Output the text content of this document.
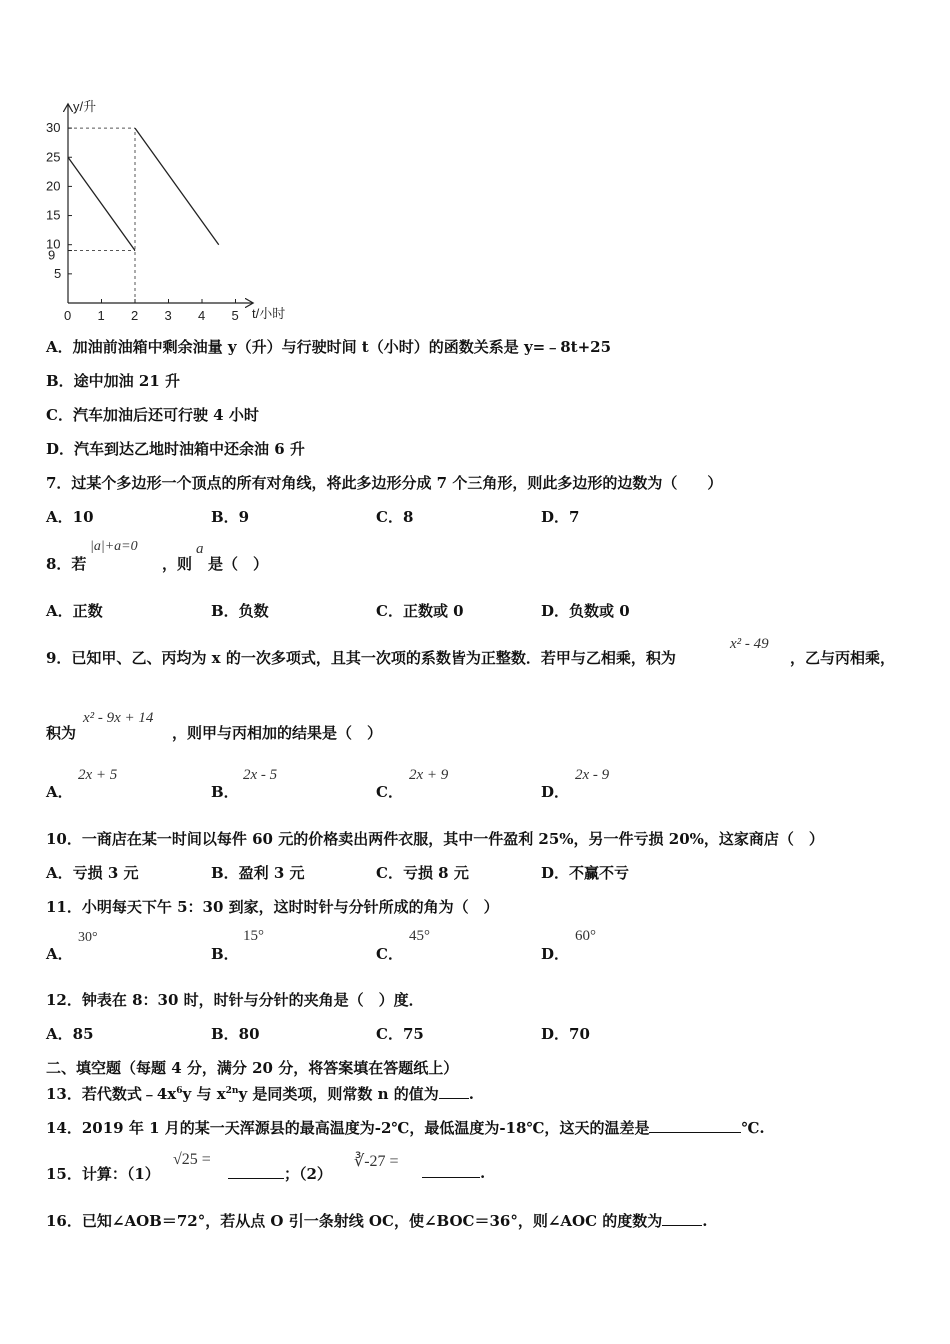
0 1 2 3 4 5
5
9
10
15
20
25
30
y/升
t/小时
A．加油前油箱中剩余油量 y（升）与行驶时间 t（小时）的函数关系是 y=﹣8t+25
B．途中加油 21 升
C．汽车加油后还可行驶 4 小时
D．汽车到达乙地时油箱中还余油 6 升
7．过某个多边形一个顶点的所有对角线，将此多边形分成 7 个三角形，则此多边形的边数为（　　）
A．10	B．9	C．8	D．7
8．若
|a|+a=0
，则
a
是（　）
A．正数	B．负数	C．正数或 0	D．负数或 0
9．已知甲、乙、丙均为 x 的一次多项式，且其一次项的系数皆为正整数．若甲与乙相乘，积为
x² - 49
，乙与丙相乘，
积为
x² - 9x + 14
，则甲与丙相加的结果是（　）
A．
2x + 5
B．
2x - 5
C．
2x + 9
D．
2x - 9
10．一商店在某一时间以每件 60 元的价格卖出两件衣服，其中一件盈利 25%，另一件亏损 20%，这家商店（　）
A．亏损 3 元	B．盈利 3 元	C．亏损 8 元	D．不赢不亏
11．小明每天下午 5：30 到家，这时时针与分针所成的角为（　）
A．
30°
B．
15°
C．
45°
D．
60°
12．钟表在 8：30 时，时针与分针的夹角是（　）度．
A．85	B．80	C．75	D．70
二、填空题（每题 4 分，满分 20 分，将答案填在答题纸上）
13．若代数式$﹣4x^6y$ 与 $x^{2n}y$ 是同类项，则常数 n 的值为 .
14．2019 年 1 月的某一天浑源县的最高温度为-2℃，最低温度为-18℃，这天的温差是	℃.
15．计算：（1）
√25 =
；（2）
∛-27 =
.
16．已知∠AOB＝72°，若从点 O 引一条射线 OC，使∠BOC＝36°，则∠AOC 的度数为	.
